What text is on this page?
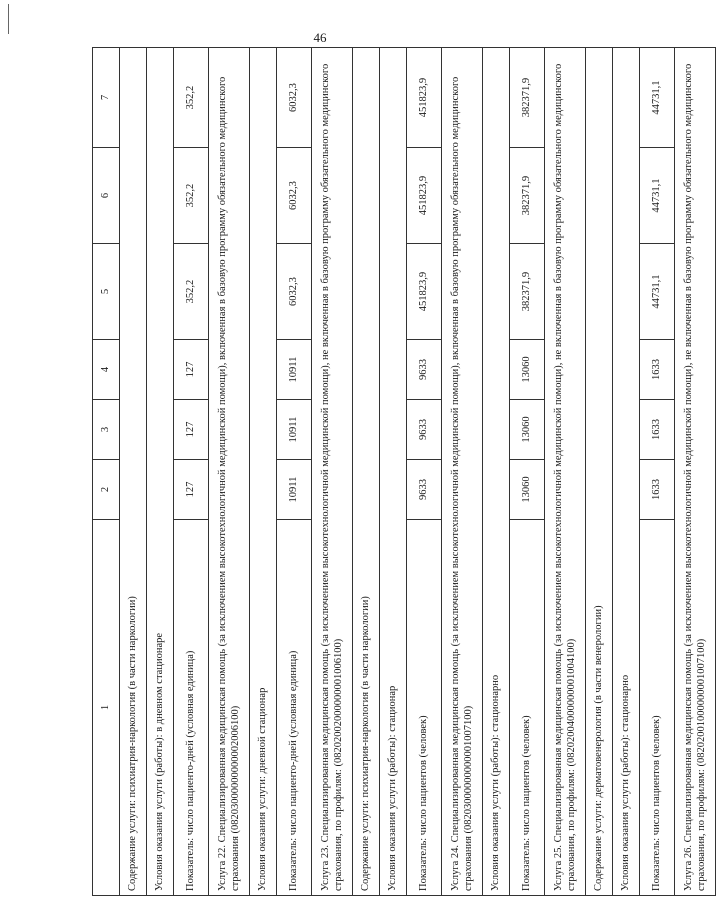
46
1	2	3	4	5	6	7
Содержание услуги: психиатрия-наркология (в части наркологии)						
Условия оказания услуги (работы): в дневном стационаре						
Показатель: число пациенто-дней (условная единица)	127	127	127	352,2	352,2	352,2
Услуга 22. Специализированная медицинская помощь (за исключением высокотехнологичной медицинской помощи), включенная в базовую программу обязательного медицинского страхования (08203000000000002006100)						
Условия оказания услуги: дневной стационар						
Показатель: число пациенто-дней (условная единица)	10911	10911	10911	6032,3	6032,3	6032,3
Услуга 23. Специализированная медицинская помощь (за исключением высокотехнологичной медицинской помощи), не включенная в базовую программу обязательного медицинского страхования, по профилям: (08202002000000001006100)						
Содержание услуги: психиатрия-наркология (в части наркологии)						
Условия оказания услуги (работы): стационар						
Показатель: число пациентов (человек)	9633	9633	9633	451823,9	451823,9	451823,9
Услуга 24. Специализированная медицинская помощь (за исключением высокотехнологичной медицинской помощи), включенная в базовую программу обязательного медицинского страхования (08203000000000001007100)						
Условия оказания услуги (работы): стационарно						
Показатель: число пациентов (человек)	13060	13060	13060	382371,9	382371,9	382371,9
Услуга 25. Специализированная медицинская помощь (за исключением высокотехнологичной медицинской помощи), не включенная в базовую программу обязательного медицинского страхования, по профилям: (08202004000000001004100)						
Содержание услуги: дерматовенерология (в части венерологии)						
Условия оказания услуги (работы): стационарно						
Показатель: число пациентов (человек)	1633	1633	1633	44731,1	44731,1	44731,1
Услуга 26. Специализированная медицинская помощь (за исключением высокотехнологичной медицинской помощи), не включенная в базовую программу обязательного медицинского страхования, по профилям: (08202001000000001007100)						
